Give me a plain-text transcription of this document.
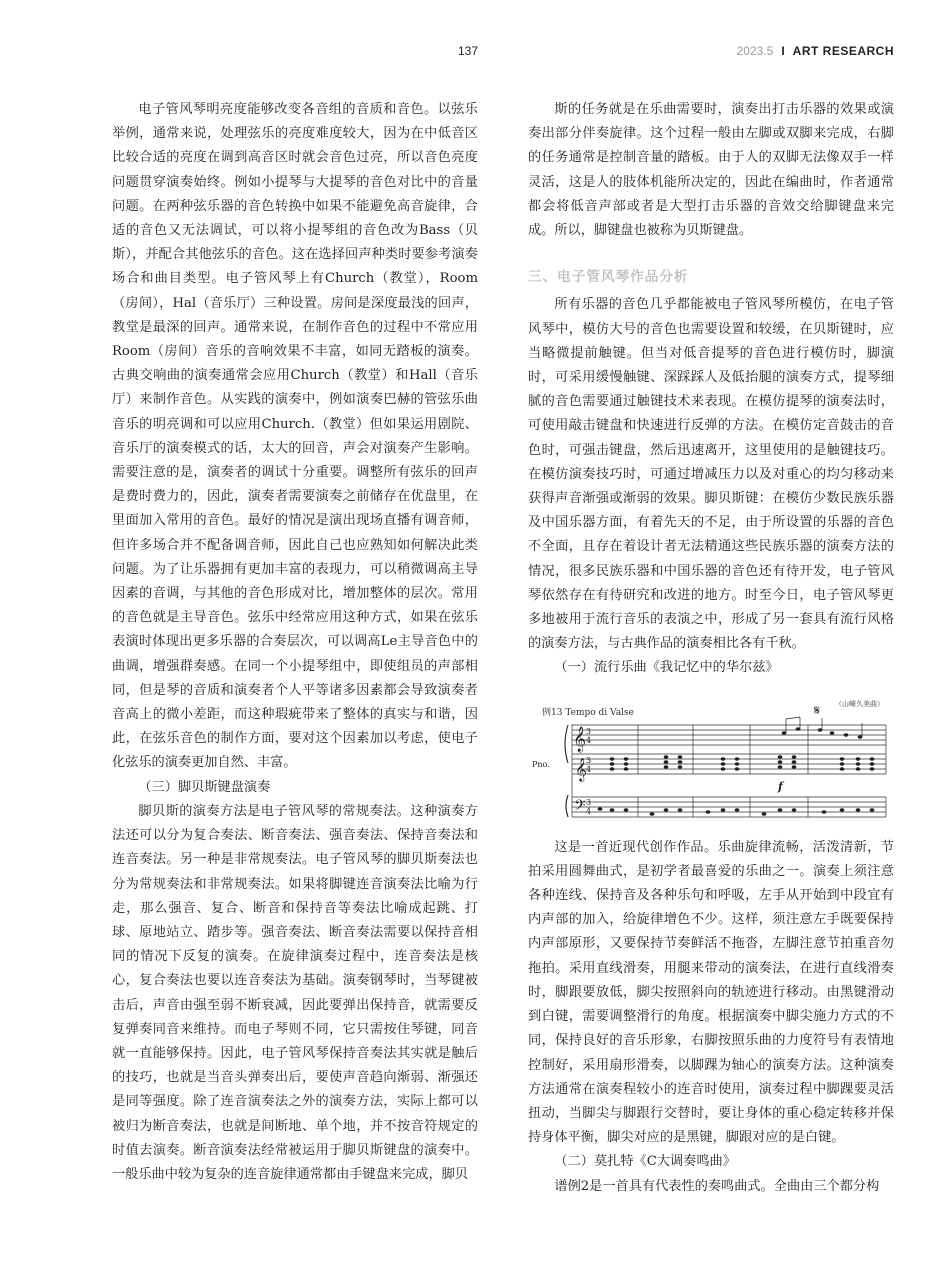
137	2023.5 I ART RESEARCH

电子管风琴明亮度能够改变各音组的音质和音色。以弦乐举例，通常来说，处理弦乐的亮度难度较大，因为在中低音区比较合适的亮度在调到高音区时就会音色过亮，所以音色亮度问题贯穿演奏始终。例如小提琴与大提琴的音色对比中的音量问题。在两种弦乐器的音色转换中如果不能避免高音旋律，合适的音色又无法调试，可以将小提琴组的音色改为Bass（贝斯），并配合其他弦乐的音色。这在选择回声种类时要参考演奏场合和曲目类型。电子管风琴上有Church（教堂），Room（房间），Hal（音乐厅）三种设置。房间是深度最浅的回声，教堂是最深的回声。通常来说，在制作音色的过程中不常应用Room（房间）音乐的音响效果不丰富，如同无踏板的演奏。古典交响曲的演奏通常会应用Church（教堂）和Hall（音乐厅）来制作音色。从实践的演奏中，例如演奏巴赫的管弦乐曲音乐的明亮调和可以应用Church.（教堂）但如果运用剧院、音乐厅的演奏模式的话，太大的回音，声会对演奏产生影响。需要注意的是，演奏者的调试十分重要。调整所有弦乐的回声是费时费力的，因此，演奏者需要演奏之前储存在优盘里，在里面加入常用的音色。最好的情况是演出现场直播有调音师，但许多场合并不配备调音师，因此自己也应熟知如何解决此类问题。为了让乐器拥有更加丰富的表现力，可以稍微调高主导因素的音调，与其他的音色形成对比，增加整体的层次。常用的音色就是主导音色。弦乐中经常应用这种方式，如果在弦乐表演时体现出更多乐器的合奏层次，可以调高Le主导音色中的曲调，增强群奏感。在同一个小提琴组中，即使组员的声部相同，但是琴的音质和演奏者个人平等诸多因素都会导致演奏者音高上的微小差距，而这种瑕疵带来了整体的真实与和谐，因此，在弦乐音色的制作方面，要对这个因素加以考虑，使电子化弦乐的演奏更加自然、丰富。

（三）脚贝斯键盘演奏

脚贝斯的演奏方法是电子管风琴的常规奏法。这种演奏方法还可以分为复合奏法、断音奏法、强音奏法、保持音奏法和连音奏法。另一种是非常规奏法。电子管风琴的脚贝斯奏法也分为常规奏法和非常规奏法。如果将脚键连音演奏法比喻为行走，那么强音、复合、断音和保持音等奏法比喻成起跳、打球、原地站立、踏步等。强音奏法、断音奏法需要以保持音相同的情况下反复的演奏。在旋律演奏过程中，连音奏法是核心，复合奏法也要以连音奏法为基础。演奏钢琴时，当琴键被击后，声音由强至弱不断衰减，因此要弹出保持音，就需要反复弹奏同音来维持。而电子琴则不同，它只需按住琴键，同音就一直能够保持。因此，电子管风琴保持音奏法其实就是触后的技巧，也就是当音头弹奏出后，要使声音趋向渐弱、渐强还是同等强度。除了连音演奏法之外的演奏方法，实际上都可以被归为断音奏法，也就是间断地、单个地，并不按音符规定的时值去演奏。断音演奏法经常被运用于脚贝斯键盘的演奏中。一般乐曲中较为复杂的连音旋律通常都由手键盘来完成，脚贝

斯的任务就是在乐曲需要时，演奏出打击乐器的效果或演奏出部分伴奏旋律。这个过程一般由左脚或双脚来完成，右脚的任务通常是控制音量的踏板。由于人的双脚无法像双手一样灵活，这是人的肢体机能所决定的，因此在编曲时，作者通常都会将低音声部或者是大型打击乐器的音效交给脚键盘来完成。所以，脚键盘也被称为贝斯键盘。

三、电子管风琴作品分析

所有乐器的音色几乎都能被电子管风琴所模仿，在电子管风琴中，模仿大号的音色也需要设置和较缓，在贝斯键时，应当略微提前触键。但当对低音提琴的音色进行模仿时，脚演时，可采用缓慢触键、深踩踩人及低抬腿的演奏方式，提琴细腻的音色需要通过触键技术来表现。在模仿提琴的演奏法时，可使用敲击键盘和快速进行反弹的方法。在模仿定音鼓击的音色时，可强击键盘，然后迅速离开，这里使用的是触键技巧。在模仿演奏技巧时，可通过增减压力以及对重心的均匀移动来获得声音渐强或渐弱的效果。脚贝斯键：在模仿少数民族乐器及中国乐器方面，有着先天的不足，由于所设置的乐器的音色不全面，且存在着设计者无法精通这些民族乐器的演奏方法的情况，很多民族乐器和中国乐器的音色还有待开发，电子管风琴依然存在有待研究和改进的地方。时至今日，电子管风琴更多地被用于流行音乐的表演之中，形成了另一套具有流行风格的演奏方法，与古典作品的演奏相比各有千秋。

（一）流行乐曲《我记忆中的华尔兹》

𝄞
𝄞
𝄢
3
4
3
4
3
4
（山崎久美曲）
例13 Tempo di Valse
Pno.
𝄋
f

这是一首近现代创作作品。乐曲旋律流畅，活泼清新，节拍采用圆舞曲式，是初学者最喜爱的乐曲之一。演奏上须注意各种连线、保持音及各种乐句和呼吸，左手从开始到中段宜有内声部的加入，给旋律增色不少。这样，须注意左手既要保持内声部原形，又要保持节奏鲜活不拖沓，左脚注意节拍重音勿拖拍。采用直线滑奏，用腿来带动的演奏法，在进行直线滑奏时，脚跟要放低，脚尖按照斜向的轨迹进行移动。由黑键滑动到白键，需要调整滑行的角度。根据演奏中脚尖施力方式的不同，保持良好的音乐形象，右脚按照乐曲的力度符号有表情地控制好，采用扇形滑奏，以脚踝为轴心的演奏方法。这种演奏方法通常在演奏程较小的连音时使用，演奏过程中脚踝要灵活扭动，当脚尖与脚跟行交替时，要让身体的重心稳定转移并保持身体平衡，脚尖对应的是黑键，脚跟对应的是白键。

（二）莫扎特《C大调奏鸣曲》

谱例2是一首具有代表性的奏鸣曲式。全曲由三个都分构
